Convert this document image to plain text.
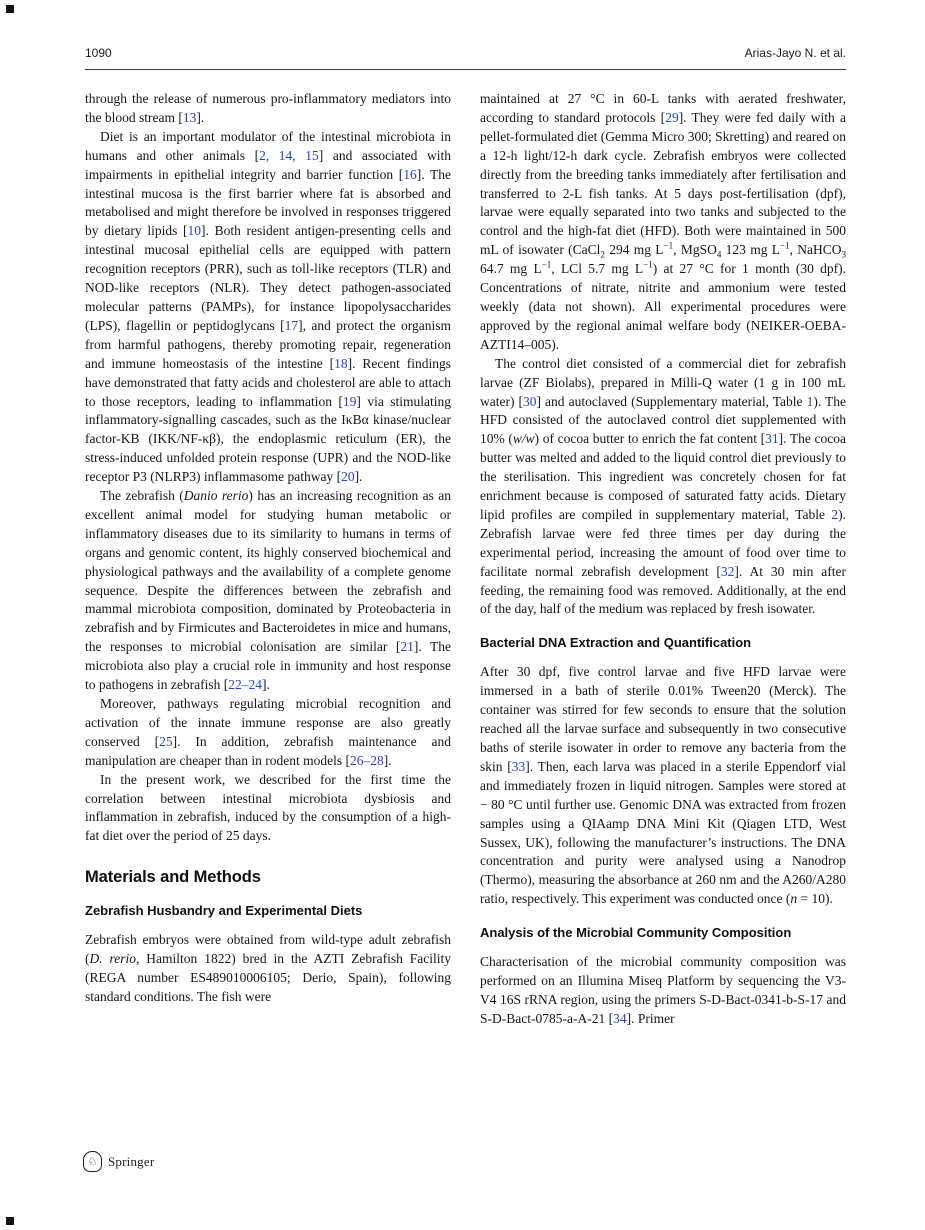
1090	Arias-Jayo N. et al.

through the release of numerous pro-inflammatory mediators into the blood stream [13].

Diet is an important modulator of the intestinal microbiota in humans and other animals [2, 14, 15] and associated with impairments in epithelial integrity and barrier function [16]. The intestinal mucosa is the first barrier where fat is absorbed and metabolised and might therefore be involved in responses triggered by dietary lipids [10]. Both resident antigen-presenting cells and intestinal mucosal epithelial cells are equipped with pattern recognition receptors (PRR), such as toll-like receptors (TLR) and NOD-like receptors (NLR). They detect pathogen-associated molecular patterns (PAMPs), for instance lipopolysaccharides (LPS), flagellin or peptidoglycans [17], and protect the organism from harmful pathogens, thereby promoting repair, regeneration and immune homeostasis of the intestine [18]. Recent findings have demonstrated that fatty acids and cholesterol are able to attach to those receptors, leading to inflammation [19] via stimulating inflammatory-signalling cascades, such as the IκBα kinase/nuclear factor-KB (IKK/NF-κβ), the endoplasmic reticulum (ER), the stress-induced unfolded protein response (UPR) and the NOD-like receptor P3 (NLRP3) inflammasome pathway [20].

The zebrafish (Danio rerio) has an increasing recognition as an excellent animal model for studying human metabolic or inflammatory diseases due to its similarity to humans in terms of organs and genomic content, its highly conserved biochemical and physiological pathways and the availability of a complete genome sequence. Despite the differences between the zebrafish and mammal microbiota composition, dominated by Proteobacteria in zebrafish and by Firmicutes and Bacteroidetes in mice and humans, the responses to microbial colonisation are similar [21]. The microbiota also play a crucial role in immunity and host response to pathogens in zebrafish [22–24].

Moreover, pathways regulating microbial recognition and activation of the innate immune response are also greatly conserved [25]. In addition, zebrafish maintenance and manipulation are cheaper than in rodent models [26–28].

In the present work, we described for the first time the correlation between intestinal microbiota dysbiosis and inflammation in zebrafish, induced by the consumption of a high-fat diet over the period of 25 days.

Materials and Methods
Zebrafish Husbandry and Experimental Diets

Zebrafish embryos were obtained from wild-type adult zebrafish (D. rerio, Hamilton 1822) bred in the AZTI Zebrafish Facility (REGA number ES489010006105; Derio, Spain), following standard conditions. The fish were

maintained at 27 °C in 60-L tanks with aerated freshwater, according to standard protocols [29]. They were fed daily with a pellet-formulated diet (Gemma Micro 300; Skretting) and reared on a 12-h light/12-h dark cycle. Zebrafish embryos were collected directly from the breeding tanks immediately after fertilisation and transferred to 2-L fish tanks. At 5 days post-fertilisation (dpf), larvae were equally separated into two tanks and subjected to the control and the high-fat diet (HFD). Both were maintained in 500 mL of isowater (CaCl$_2$ 294 mg $L^{-1}$, MgSO$_4$ 123 mg $L^{-1}$, NaHCO$_3$ 64.7 mg $L^{-1}$, LCl 5.7 mg $L^{-1}$) at 27 °C for 1 month (30 dpf). Concentrations of nitrate, nitrite and ammonium were tested weekly (data not shown). All experimental procedures were approved by the regional animal welfare body (NEIKER-OEBA-AZTI14–005).

The control diet consisted of a commercial diet for zebrafish larvae (ZF Biolabs), prepared in Milli-Q water (1 g in 100 mL water) [30] and autoclaved (Supplementary material, Table 1). The HFD consisted of the autoclaved control diet supplemented with 10% (w/w) of cocoa butter to enrich the fat content [31]. The cocoa butter was melted and added to the liquid control diet previously to the sterilisation. This ingredient was concretely chosen for fat enrichment because is composed of saturated fatty acids. Dietary lipid profiles are compiled in supplementary material, Table 2). Zebrafish larvae were fed three times per day during the experimental period, increasing the amount of food over time to facilitate normal zebrafish development [32]. At 30 min after feeding, the remaining food was removed. Additionally, at the end of the day, half of the medium was replaced by fresh isowater.

Bacterial DNA Extraction and Quantification

After 30 dpf, five control larvae and five HFD larvae were immersed in a bath of sterile 0.01% Tween20 (Merck). The container was stirred for few seconds to ensure that the solution reached all the larvae surface and subsequently in two consecutive baths of sterile isowater in order to remove any bacteria from the skin [33]. Then, each larva was placed in a sterile Eppendorf vial and immediately frozen in liquid nitrogen. Samples were stored at − 80 °C until further use. Genomic DNA was extracted from frozen samples using a QIAamp DNA Mini Kit (Qiagen LTD, West Sussex, UK), following the manufacturer’s instructions. The DNA concentration and purity were analysed using a Nanodrop (Thermo), measuring the absorbance at 260 nm and the A260/A280 ratio, respectively. This experiment was conducted once (n = 10).

Analysis of the Microbial Community Composition

Characterisation of the microbial community composition was performed on an Illumina Miseq Platform by sequencing the V3-V4 16S rRNA region, using the primers S-D-Bact-0341-b-S-17 and S-D-Bact-0785-a-A-21 [34]. Primer

♘ Springer
